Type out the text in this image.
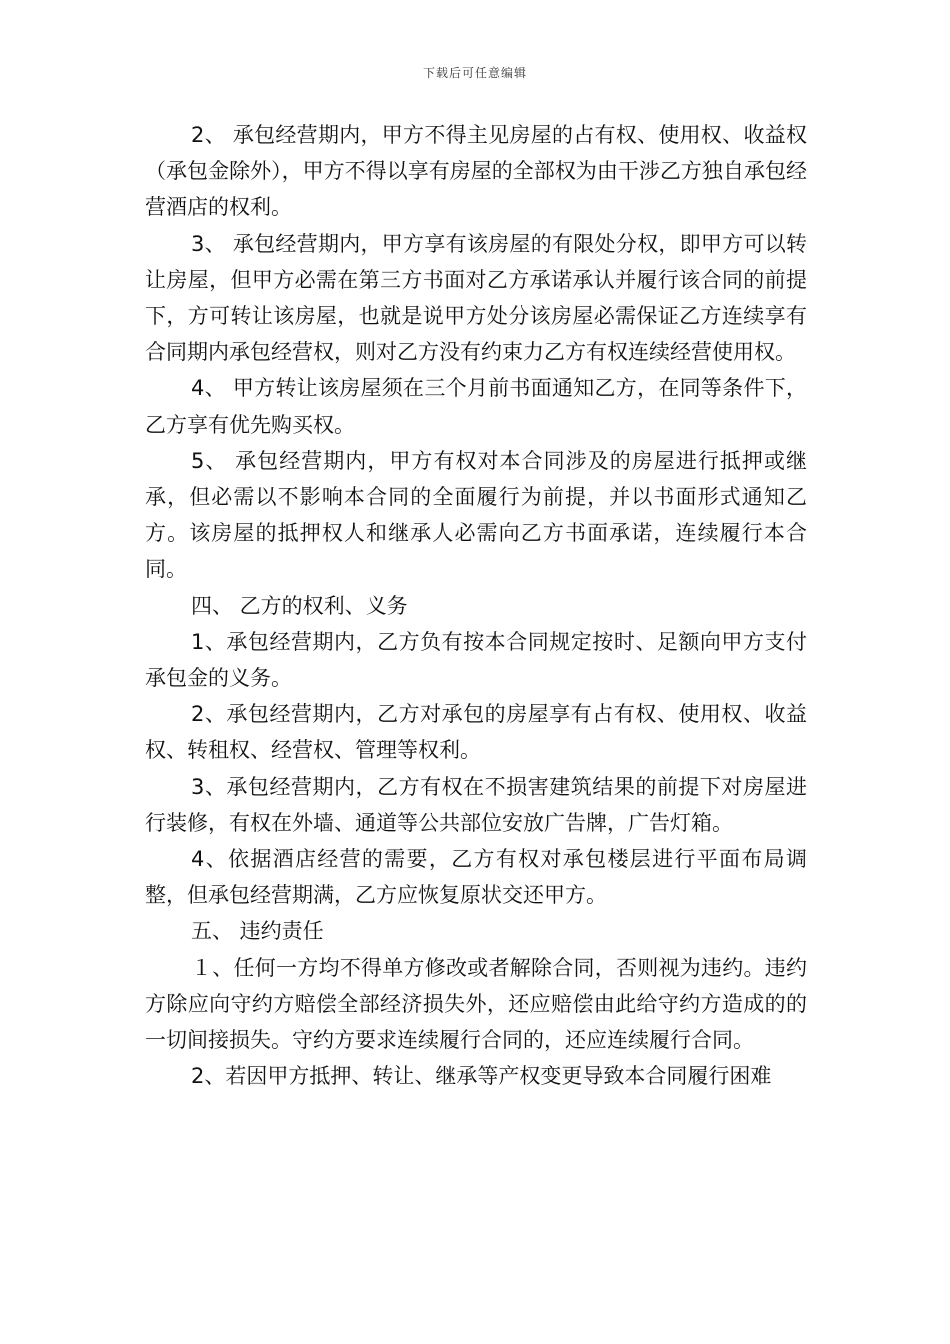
下载后可任意编辑

2、 承包经营期内，甲方不得主见房屋的占有权、使用权、收益权（承包金除外），甲方不得以享有房屋的全部权为由干涉乙方独自承包经营酒店的权利。

3、 承包经营期内，甲方享有该房屋的有限处分权，即甲方可以转让房屋，但甲方必需在第三方书面对乙方承诺承认并履行该合同的前提下，方可转让该房屋，也就是说甲方处分该房屋必需保证乙方连续享有合同期内承包经营权，则对乙方没有约束力乙方有权连续经营使用权。

4、 甲方转让该房屋须在三个月前书面通知乙方，在同等条件下，乙方享有优先购买权。

5、 承包经营期内，甲方有权对本合同涉及的房屋进行抵押或继承，但必需以不影响本合同的全面履行为前提，并以书面形式通知乙方。该房屋的抵押权人和继承人必需向乙方书面承诺，连续履行本合同。

四、 乙方的权利、义务

1、承包经营期内，乙方负有按本合同规定按时、足额向甲方支付承包金的义务。

2、承包经营期内，乙方对承包的房屋享有占有权、使用权、收益权、转租权、经营权、管理等权利。

3、承包经营期内，乙方有权在不损害建筑结果的前提下对房屋进行装修，有权在外墙、通道等公共部位安放广告牌，广告灯箱。

4、依据酒店经营的需要，乙方有权对承包楼层进行平面布局调整，但承包经营期满，乙方应恢复原状交还甲方。

五、 违约责任

１、任何一方均不得单方修改或者解除合同，否则视为违约。违约方除应向守约方赔偿全部经济损失外，还应赔偿由此给守约方造成的的一切间接损失。守约方要求连续履行合同的，还应连续履行合同。

2、若因甲方抵押、转让、继承等产权变更导致本合同履行困难
